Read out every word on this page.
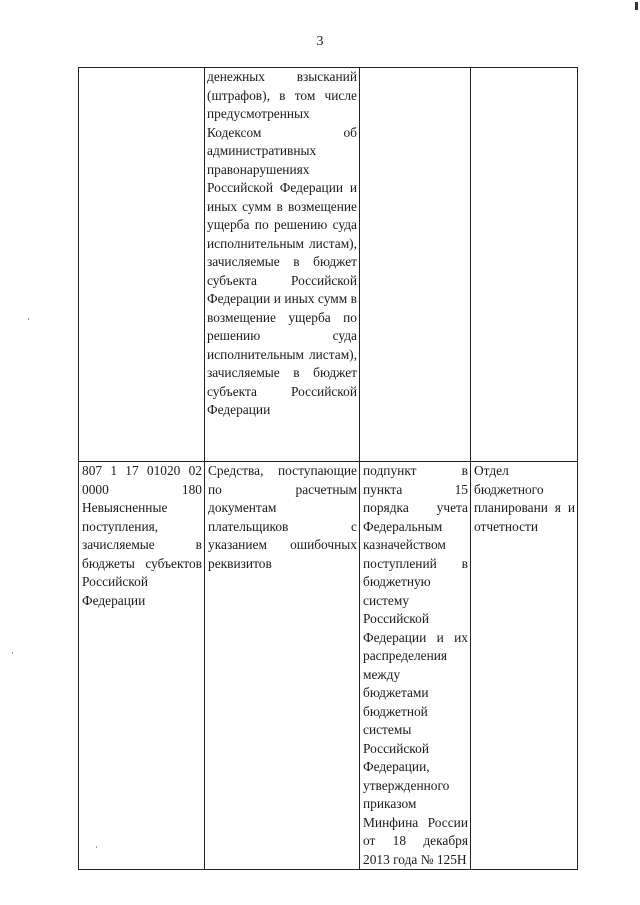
3
	денежных взысканий (штрафов), в том числе предусмотренных Кодексом об административных правонарушениях Российской Федерации и иных сумм в возмещение ущерба по решению суда исполнительным листам), зачисляемые в бюджет субъекта Российской Федерации и иных сумм в возмещение ущерба по решению суда исполнительным листам), зачисляемые в бюджет субъекта Российской Федерации		
807 1 17 01020 02 0000 180 Невыясненные поступления, зачисляемые в бюджеты субъектов Российской Федерации	Средства, поступающие по расчетным документам плательщиков с указанием ошибочных реквизитов	подпункт в пункта 15 порядка учета Федеральным казначейством поступлений в бюджетную систему Российской Федерации и их распределения между бюджетами бюджетной системы Российской Федерации, утвержденного приказом Минфина России от 18 декабря 2013 года № 125Н	Отдел бюджетного планировани я и отчетности
